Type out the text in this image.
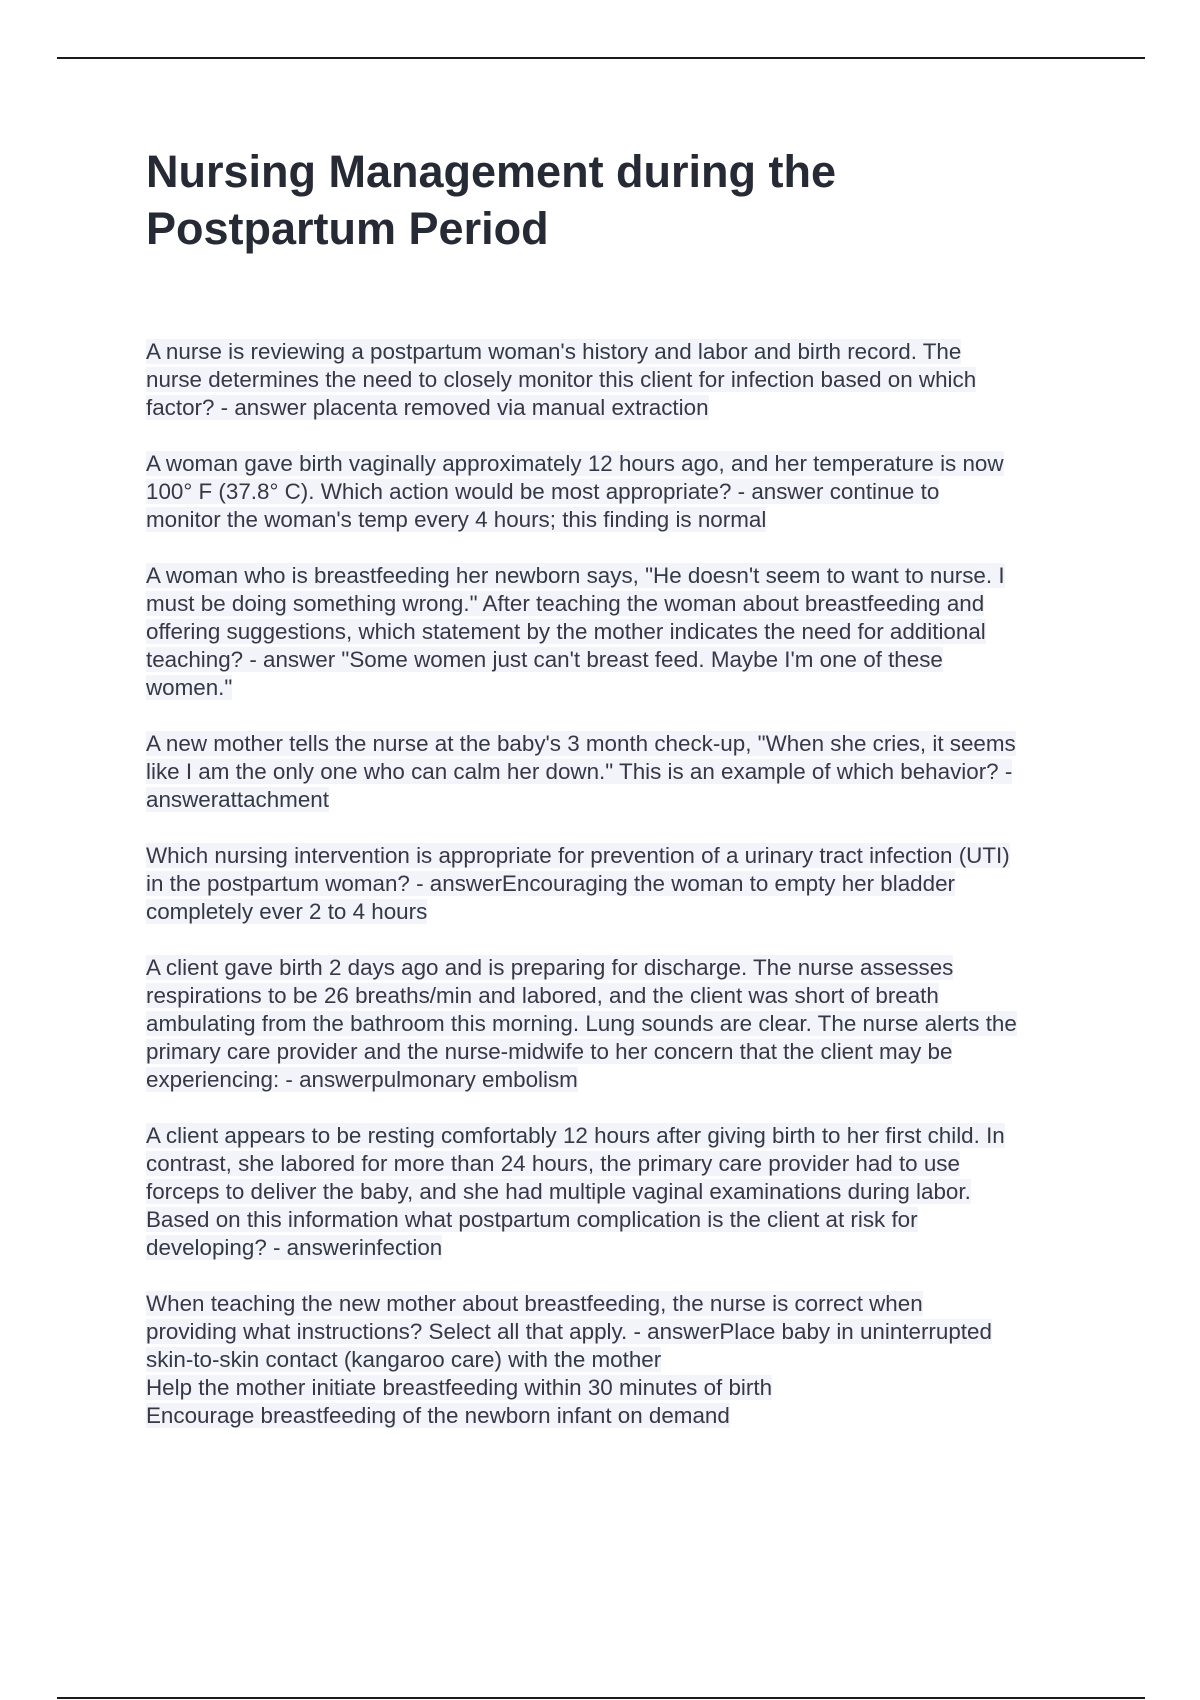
Nursing Management during the
Postpartum Period

A nurse is reviewing a postpartum woman's history and labor and birth record. The
nurse determines the need to closely monitor this client for infection based on which
factor? - answer placenta removed via manual extraction

A woman gave birth vaginally approximately 12 hours ago, and her temperature is now
100° F (37.8° C). Which action would be most appropriate? - answer continue to
monitor the woman's temp every 4 hours; this finding is normal

A woman who is breastfeeding her newborn says, "He doesn't seem to want to nurse. I
must be doing something wrong." After teaching the woman about breastfeeding and
offering suggestions, which statement by the mother indicates the need for additional
teaching? - answer "Some women just can't breast feed. Maybe I'm one of these
women."

A new mother tells the nurse at the baby's 3 month check-up, "When she cries, it seems
like I am the only one who can calm her down." This is an example of which behavior? -
answerattachment

Which nursing intervention is appropriate for prevention of a urinary tract infection (UTI)
in the postpartum woman? - answerEncouraging the woman to empty her bladder
completely ever 2 to 4 hours

A client gave birth 2 days ago and is preparing for discharge. The nurse assesses
respirations to be 26 breaths/min and labored, and the client was short of breath
ambulating from the bathroom this morning. Lung sounds are clear. The nurse alerts the
primary care provider and the nurse-midwife to her concern that the client may be
experiencing: - answerpulmonary embolism

A client appears to be resting comfortably 12 hours after giving birth to her first child. In
contrast, she labored for more than 24 hours, the primary care provider had to use
forceps to deliver the baby, and she had multiple vaginal examinations during labor.
Based on this information what postpartum complication is the client at risk for
developing? - answerinfection

When teaching the new mother about breastfeeding, the nurse is correct when
providing what instructions? Select all that apply. - answerPlace baby in uninterrupted
skin-to-skin contact (kangaroo care) with the mother
Help the mother initiate breastfeeding within 30 minutes of birth
Encourage breastfeeding of the newborn infant on demand
